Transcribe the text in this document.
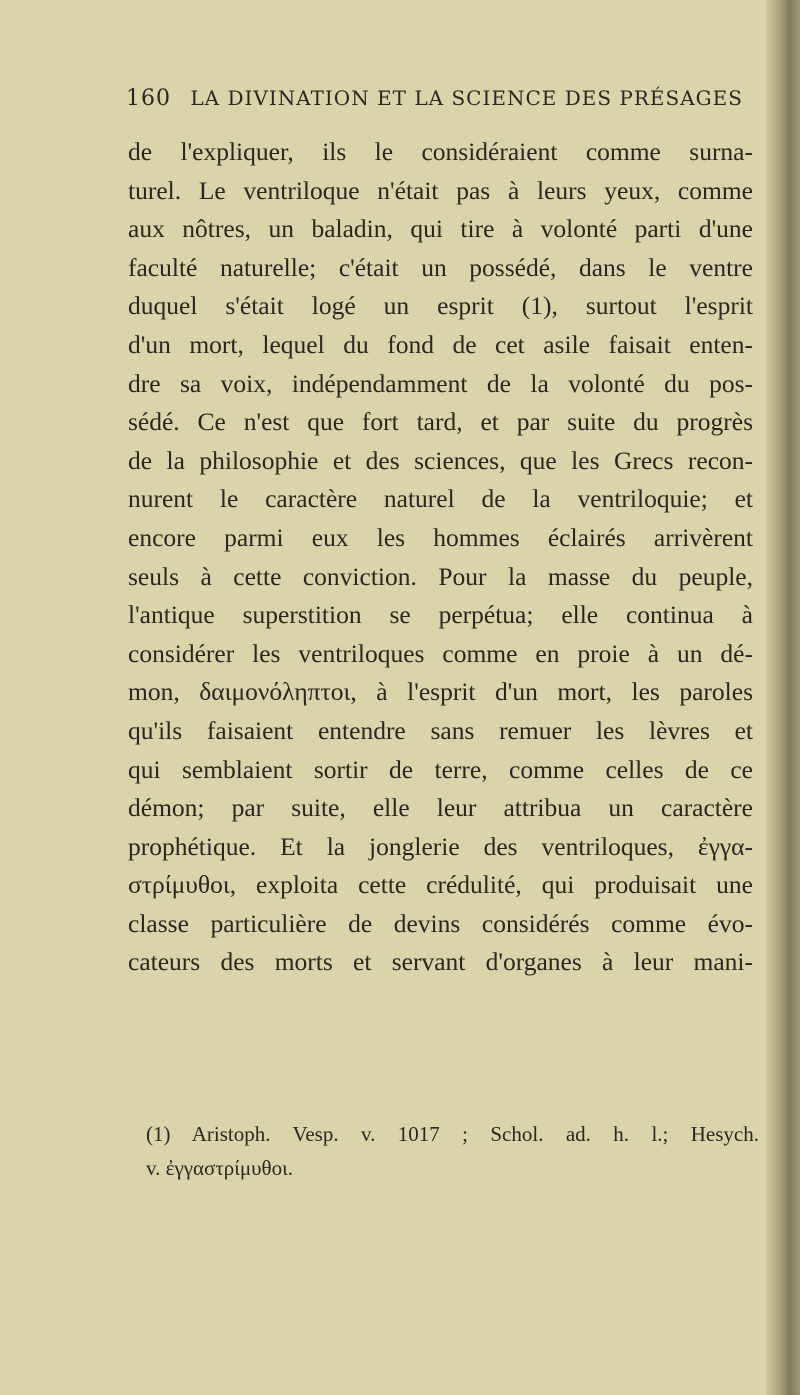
160 LA DIVINATION ET LA SCIENCE DES PRÉSAGES
de l'expliquer, ils le considéraient comme surna-
turel. Le ventriloque n'était pas à leurs yeux, comme
aux nôtres, un baladin, qui tire à volonté parti d'une
faculté naturelle; c'était un possédé, dans le ventre
duquel s'était logé un esprit (1), surtout l'esprit
d'un mort, lequel du fond de cet asile faisait enten-
dre sa voix, indépendamment de la volonté du pos-
sédé. Ce n'est que fort tard, et par suite du progrès
de la philosophie et des sciences, que les Grecs recon-
nurent le caractère naturel de la ventriloquie; et
encore parmi eux les hommes éclairés arrivèrent
seuls à cette conviction. Pour la masse du peuple,
l'antique superstition se perpétua; elle continua à
considérer les ventriloques comme en proie à un dé-
mon, δαιμονόληπτοι, à l'esprit d'un mort, les paroles
qu'ils faisaient entendre sans remuer les lèvres et
qui semblaient sortir de terre, comme celles de ce
démon; par suite, elle leur attribua un caractère
prophétique. Et la jonglerie des ventriloques, ἐγγα-
στρίμυθοι, exploita cette crédulité, qui produisait une
classe particulière de devins considérés comme évo-
cateurs des morts et servant d'organes à leur mani-
(1) Aristoph. Vesp. v. 1017 ; Schol. ad. h. l.; Hesych.
v. ἐγγαστρίμυθοι.
